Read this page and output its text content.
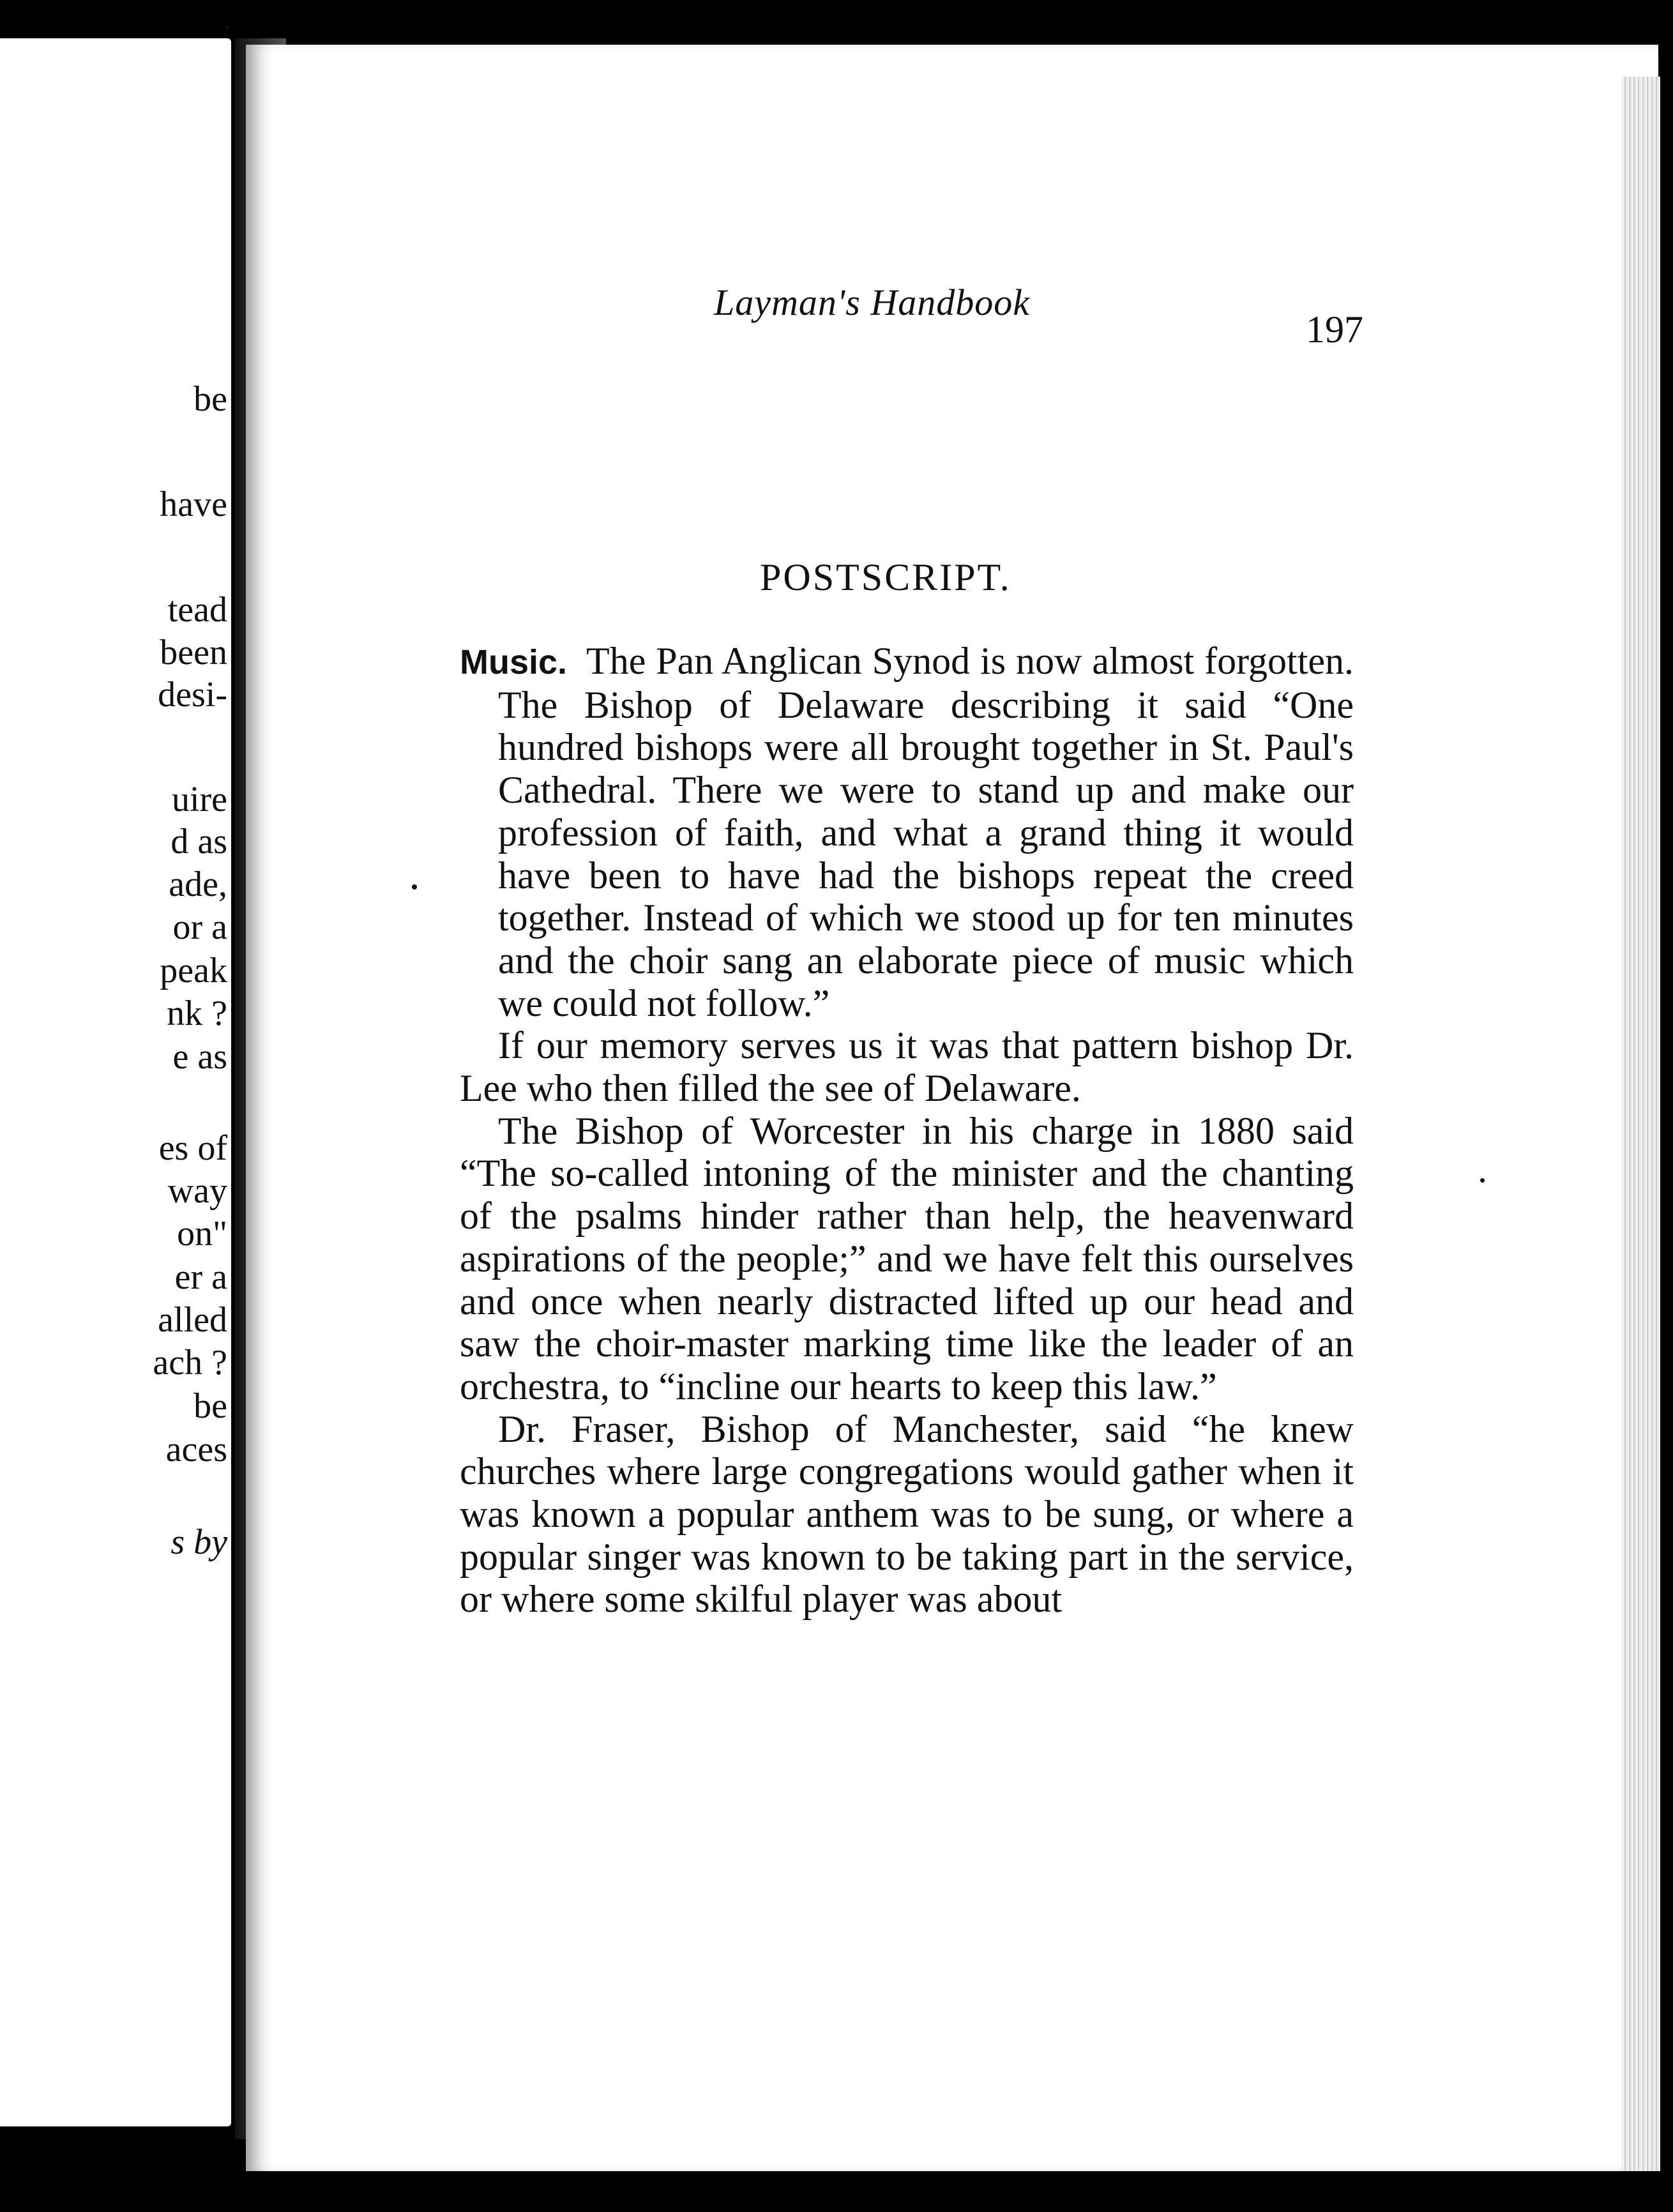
be
have
tead
been
desi-
uire
d as
ade,
or a
peak
nk ?
e as
es of
way
on"
er a
alled
ach ?
be
aces
s by
Layman's Handbook
197
POSTSCRIPT.

Music. The Pan Anglican Synod is now almost forgotten. The Bishop of Delaware describing it said “One hundred bishops were all brought together in St. Paul's Cathedral. There we were to stand up and make our profession of faith, and what a grand thing it would have been to have had the bishops repeat the creed together. Instead of which we stood up for ten minutes and the choir sang an elaborate piece of music which we could not follow.”

If our memory serves us it was that pattern bishop Dr. Lee who then filled the see of Delaware.

The Bishop of Worcester in his charge in 1880 said “The so-called intoning of the minister and the chanting of the psalms hinder rather than help, the heavenward aspirations of the people;” and we have felt this ourselves and once when nearly distracted lifted up our head and saw the choir-master marking time like the leader of an orchestra, to “incline our hearts to keep this law.”

Dr. Fraser, Bishop of Manchester, said “he knew churches where large congregations would gather when it was known a popular anthem was to be sung, or where a popular singer was known to be taking part in the service, or where some skilful player was about
